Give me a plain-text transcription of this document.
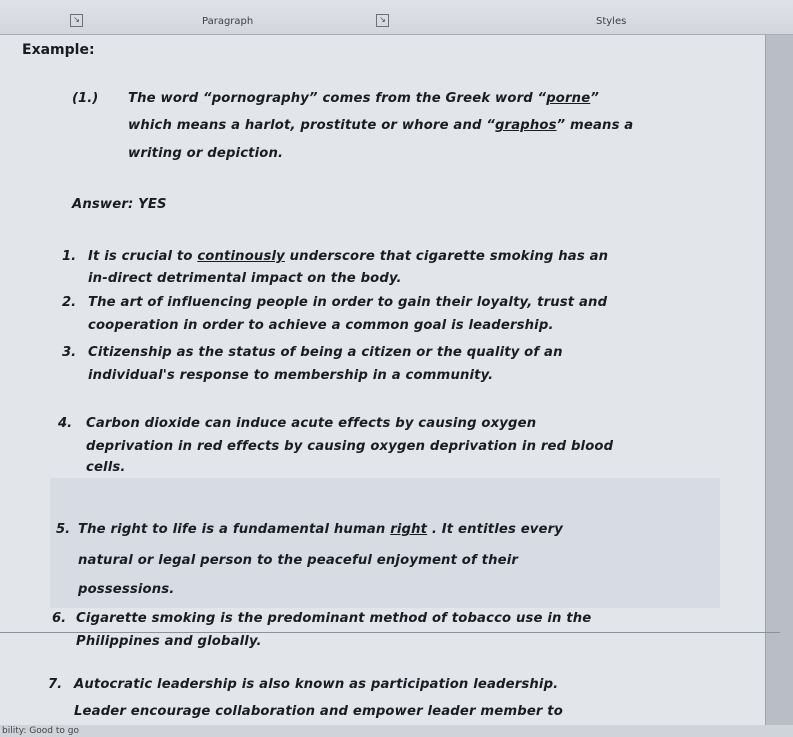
↘	Paragraph	↘	Styles
Example:
(1.) The word “pornography” comes from the Greek word “porne”
which means a harlot, prostitute or whore and “graphos” means a
writing or depiction.
1. It is crucial to continously underscore that cigarette smoking has an
in-direct detrimental impact on the body.
2. The art of influencing people in order to gain their loyalty, trust and
cooperation in order to achieve a common goal is leadership.
3. Citizenship as the status of being a citizen or the quality of an
individual's response to membership in a community.
4. Carbon dioxide can induce acute effects by causing oxygen
deprivation in red effects by causing oxygen deprivation in red blood
cells.
5. The right to life is a fundamental human right . It entitles every
natural or legal person to the peaceful enjoyment of their
possessions.
6. Cigarette smoking is the predominant method of tobacco use in the
Philippines and globally.
7. Autocratic leadership is also known as participation leadership.
Leader encourage collaboration and empower leader member to
Answer: YES
bility: Good to go
